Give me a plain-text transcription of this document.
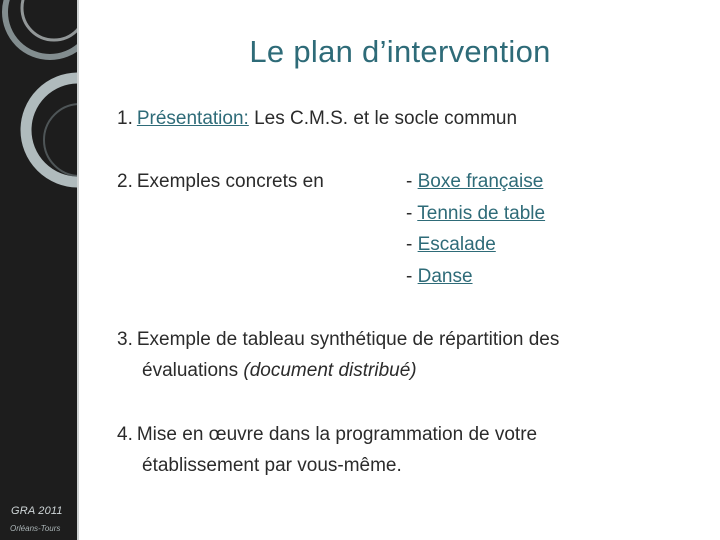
GRA 2011
Orléans-Tours
Le plan d’intervention
1. Présentation: Les C.M.S. et le socle commun
2. Exemples concrets en	- Boxe française
- Tennis de table
- Escalade
- Danse
3. Exemple de tableau synthétique de répartition des
évaluations (document distribué)
4. Mise en œuvre dans la programmation de votre
établissement par vous-même.
